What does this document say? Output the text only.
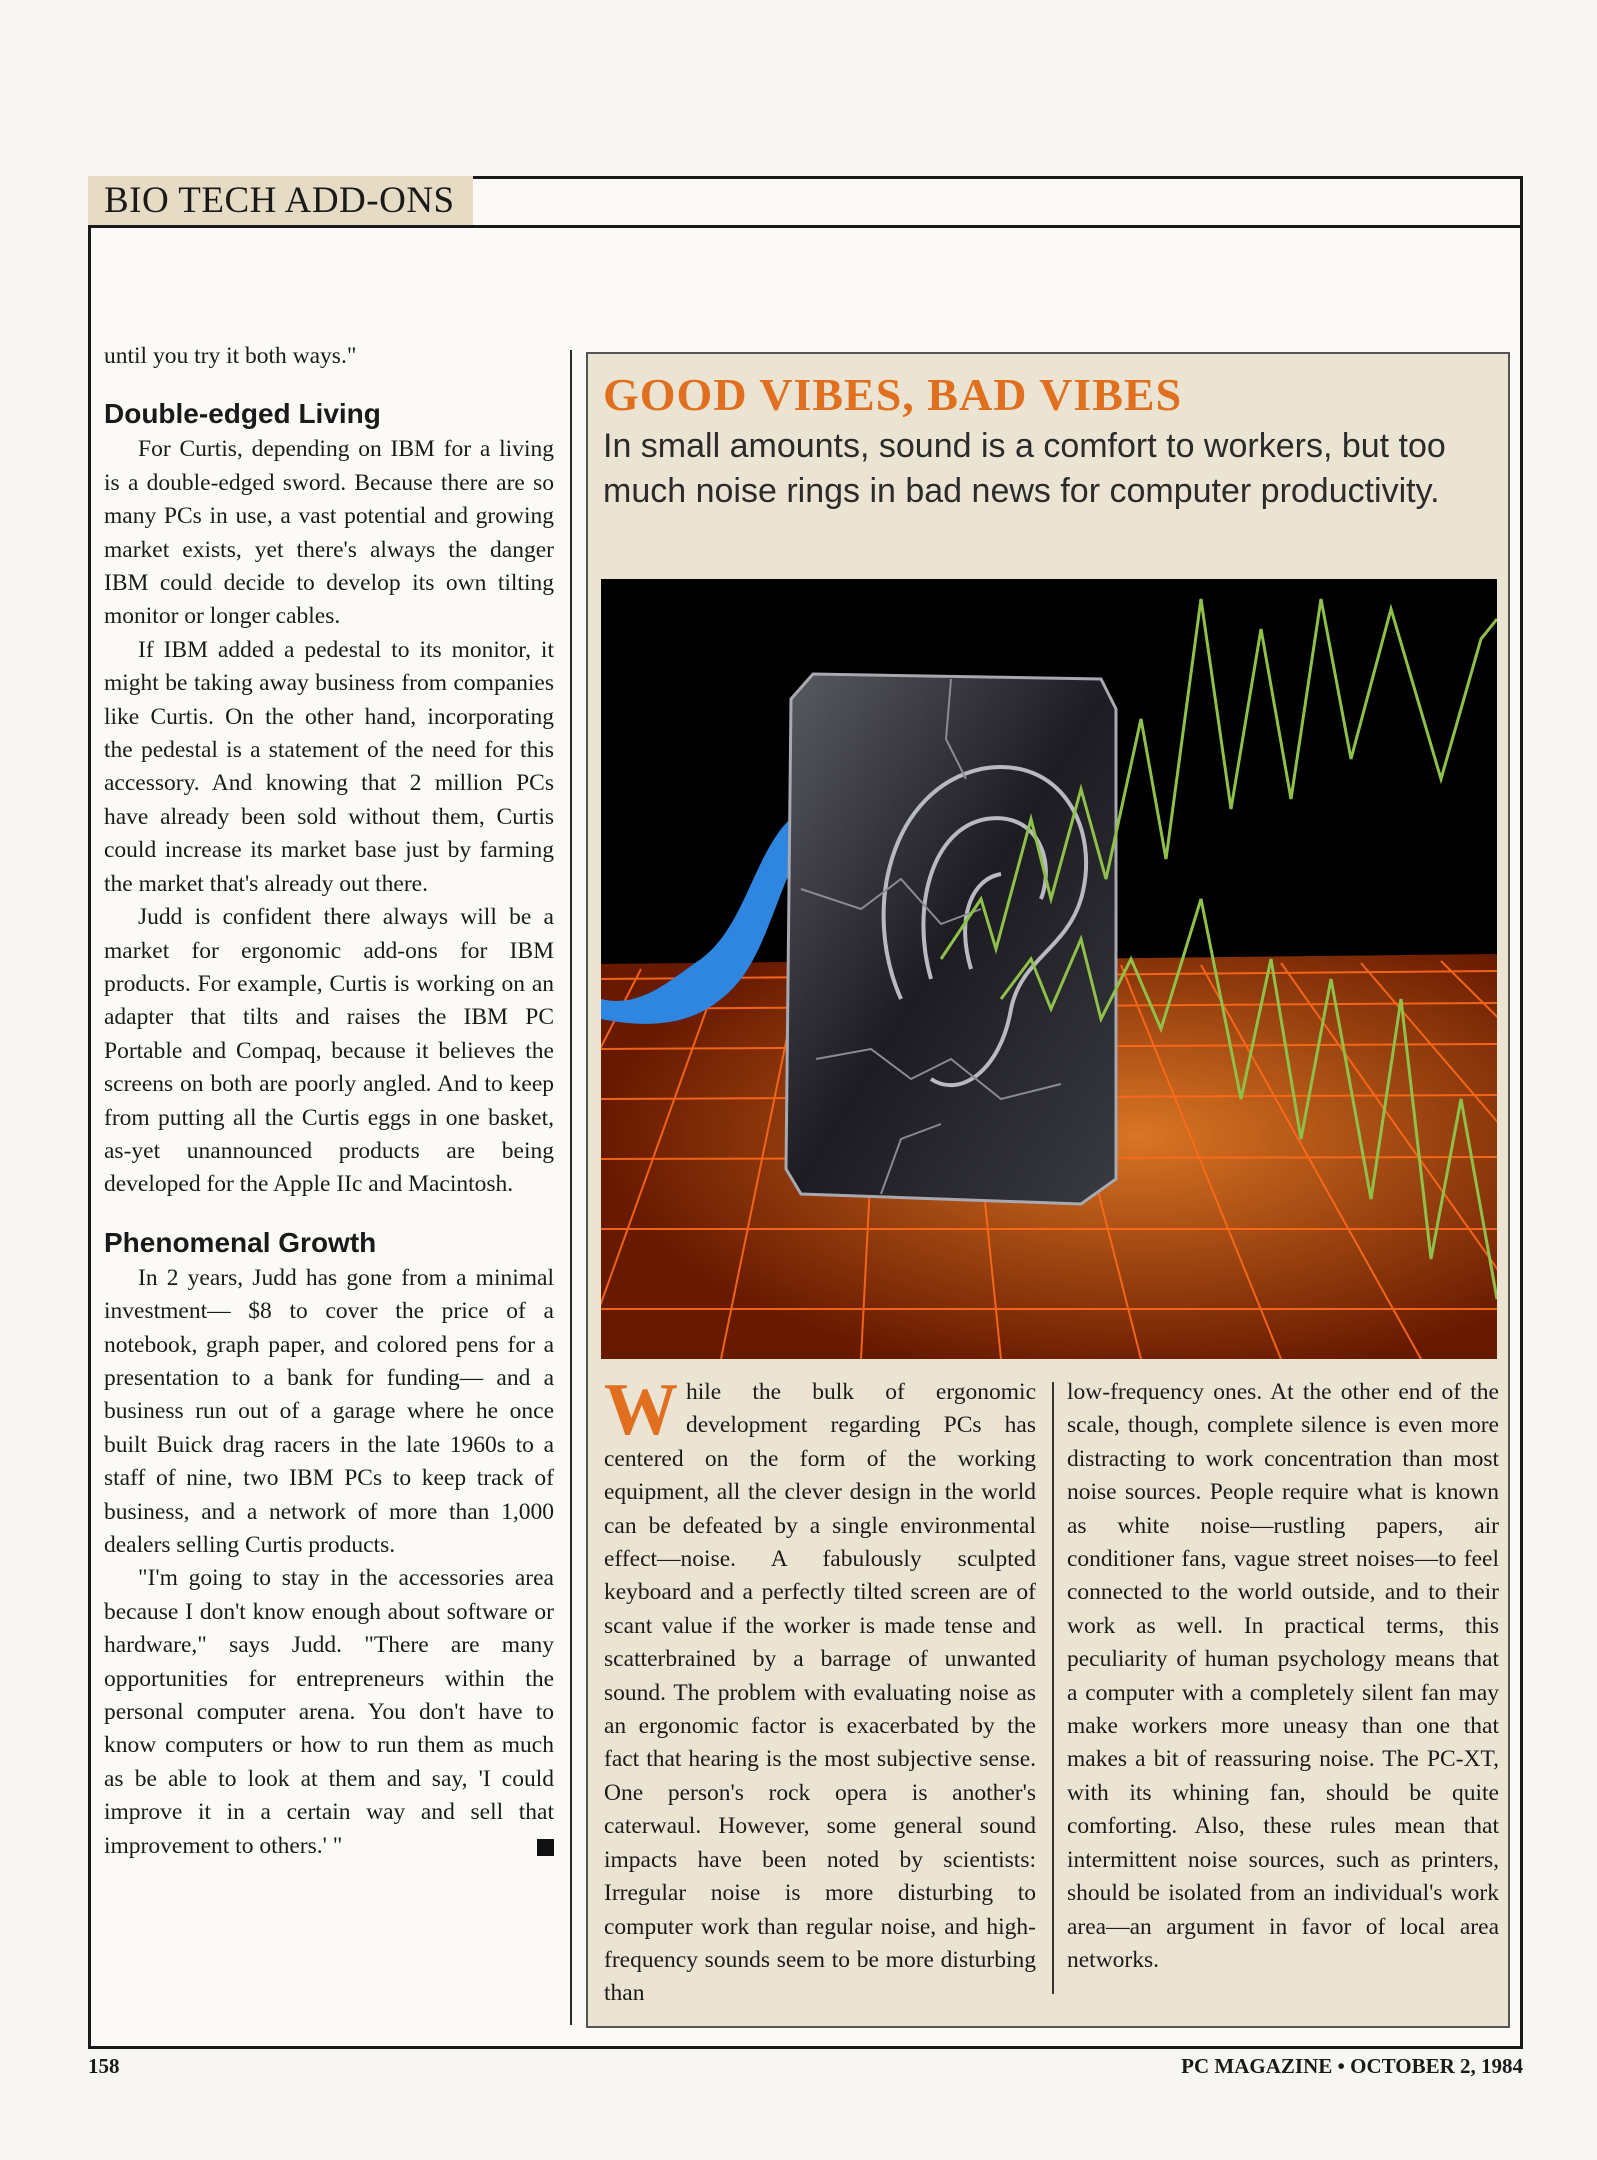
BIO TECH ADD-ONS

until you try it both ways."

Double-edged Living

For Curtis, depending on IBM for a living is a double-edged sword. Because there are so many PCs in use, a vast potential and growing market exists, yet there's always the danger IBM could decide to develop its own tilting monitor or longer cables.

If IBM added a pedestal to its monitor, it might be taking away business from companies like Curtis. On the other hand, incorporating the pedestal is a statement of the need for this accessory. And knowing that 2 million PCs have already been sold without them, Curtis could increase its market base just by farming the market that's already out there.

Judd is confident there always will be a market for ergonomic add-ons for IBM products. For example, Curtis is working on an adapter that tilts and raises the IBM PC Portable and Compaq, because it believes the screens on both are poorly angled. And to keep from putting all the Curtis eggs in one basket, as-yet unannounced products are being developed for the Apple IIc and Macintosh.

Phenomenal Growth

In 2 years, Judd has gone from a minimal investment— $8 to cover the price of a notebook, graph paper, and colored pens for a presentation to a bank for funding— and a business run out of a garage where he once built Buick drag racers in the late 1960s to a staff of nine, two IBM PCs to keep track of business, and a network of more than 1,000 dealers selling Curtis products.

"I'm going to stay in the accessories area because I don't know enough about software or hardware," says Judd. "There are many opportunities for entrepreneurs within the personal computer arena. You don't have to know computers or how to run them as much as be able to look at them and say, 'I could improve it in a certain way and sell that improvement to others.' "

GOOD VIBES, BAD VIBES
In small amounts, sound is a comfort to workers, but too much noise rings in bad news for computer productivity.

While the bulk of ergonomic development regarding PCs has centered on the form of the working equipment, all the clever design in the world can be defeated by a single environmental effect—noise. A fabulously sculpted keyboard and a perfectly tilted screen are of scant value if the worker is made tense and scatterbrained by a barrage of unwanted sound. The problem with evaluating noise as an ergonomic factor is exacerbated by the fact that hearing is the most subjective sense. One person's rock opera is another's caterwaul. However, some general sound impacts have been noted by scientists: Irregular noise is more disturbing to computer work than regular noise, and high-frequency sounds seem to be more disturbing than

low-frequency ones. At the other end of the scale, though, complete silence is even more distracting to work concentration than most noise sources. People require what is known as white noise—rustling papers, air conditioner fans, vague street noises—to feel connected to the world outside, and to their work as well. In practical terms, this peculiarity of human psychology means that a computer with a completely silent fan may make workers more uneasy than one that makes a bit of reassuring noise. The PC-XT, with its whining fan, should be quite comforting. Also, these rules mean that intermittent noise sources, such as printers, should be isolated from an individual's work area—an argument in favor of local area networks.

158	PC MAGAZINE • OCTOBER 2, 1984
